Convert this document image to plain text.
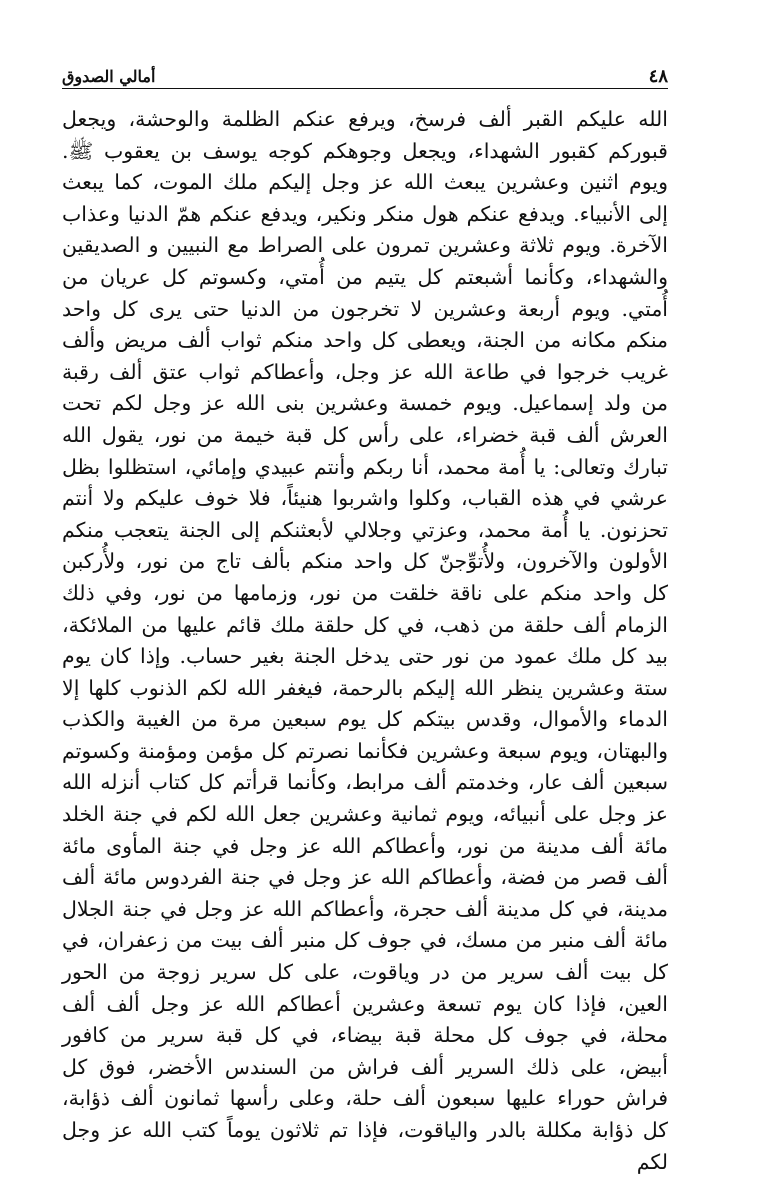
٤٨
أمالي الصدوق

الله عليكم القبر ألف فرسخ، ويرفع عنكم الظلمة والوحشة، ويجعل قبوركم كقبور الشهداء، ويجعل وجوهكم كوجه يوسف بن يعقوب ﷺ. ويوم اثنين وعشرين يبعث الله عز وجل إليكم ملك الموت، كما يبعث إلى الأنبياء. ويدفع عنكم هول منكر ونكير، ويدفع عنكم همّ الدنيا وعذاب الآخرة. ويوم ثلاثة وعشرين تمرون على الصراط مع النبيين و الصديقين والشهداء، وكأنما أشبعتم كل يتيم من أُمتي، وكسوتم كل عريان من أُمتي. ويوم أربعة وعشرين لا تخرجون من الدنيا حتى يرى كل واحد منكم مكانه من الجنة، ويعطى كل واحد منكم ثواب ألف مريض وألف غريب خرجوا في طاعة الله عز وجل، وأعطاكم ثواب عتق ألف رقبة من ولد إسماعيل. ويوم خمسة وعشرين بنى الله عز وجل لكم تحت العرش ألف قبة خضراء، على رأس كل قبة خيمة من نور، يقول الله تبارك وتعالى: يا أُمة محمد، أنا ربكم وأنتم عبيدي وإمائي، استظلوا بظل عرشي في هذه القباب، وكلوا واشربوا هنيئاً، فلا خوف عليكم ولا أنتم تحزنون. يا أُمة محمد، وعزتي وجلالي لأبعثنكم إلى الجنة يتعجب منكم الأولون والآخرون، ولأُتوِّجنّ كل واحد منكم بألف تاج من نور، ولأُركبن كل واحد منكم على ناقة خلقت من نور، وزمامها من نور، وفي ذلك الزمام ألف حلقة من ذهب، في كل حلقة ملك قائم عليها من الملائكة، بيد كل ملك عمود من نور حتى يدخل الجنة بغير حساب. وإذا كان يوم ستة وعشرين ينظر الله إليكم بالرحمة، فيغفر الله لكم الذنوب كلها إلا الدماء والأموال، وقدس بيتكم كل يوم سبعين مرة من الغيبة والكذب والبهتان، ويوم سبعة وعشرين فكأنما نصرتم كل مؤمن ومؤمنة وكسوتم سبعين ألف عار، وخدمتم ألف مرابط، وكأنما قرأتم كل كتاب أنزله الله عز وجل على أنبيائه، ويوم ثمانية وعشرين جعل الله لكم في جنة الخلد مائة ألف مدينة من نور، وأعطاكم الله عز وجل في جنة المأوى مائة ألف قصر من فضة، وأعطاكم الله عز وجل في جنة الفردوس مائة ألف مدينة، في كل مدينة ألف حجرة، وأعطاكم الله عز وجل في جنة الجلال مائة ألف منبر من مسك، في جوف كل منبر ألف بيت من زعفران، في كل بيت ألف سرير من در وياقوت، على كل سرير زوجة من الحور العين، فإذا كان يوم تسعة وعشرين أعطاكم الله عز وجل ألف ألف محلة، في جوف كل محلة قبة بيضاء، في كل قبة سرير من كافور أبيض، على ذلك السرير ألف فراش من السندس الأخضر، فوق كل فراش حوراء عليها سبعون ألف حلة، وعلى رأسها ثمانون ألف ذؤابة، كل ذؤابة مكللة بالدر والياقوت، فإذا تم ثلاثون يوماً كتب الله عز وجل لكم
